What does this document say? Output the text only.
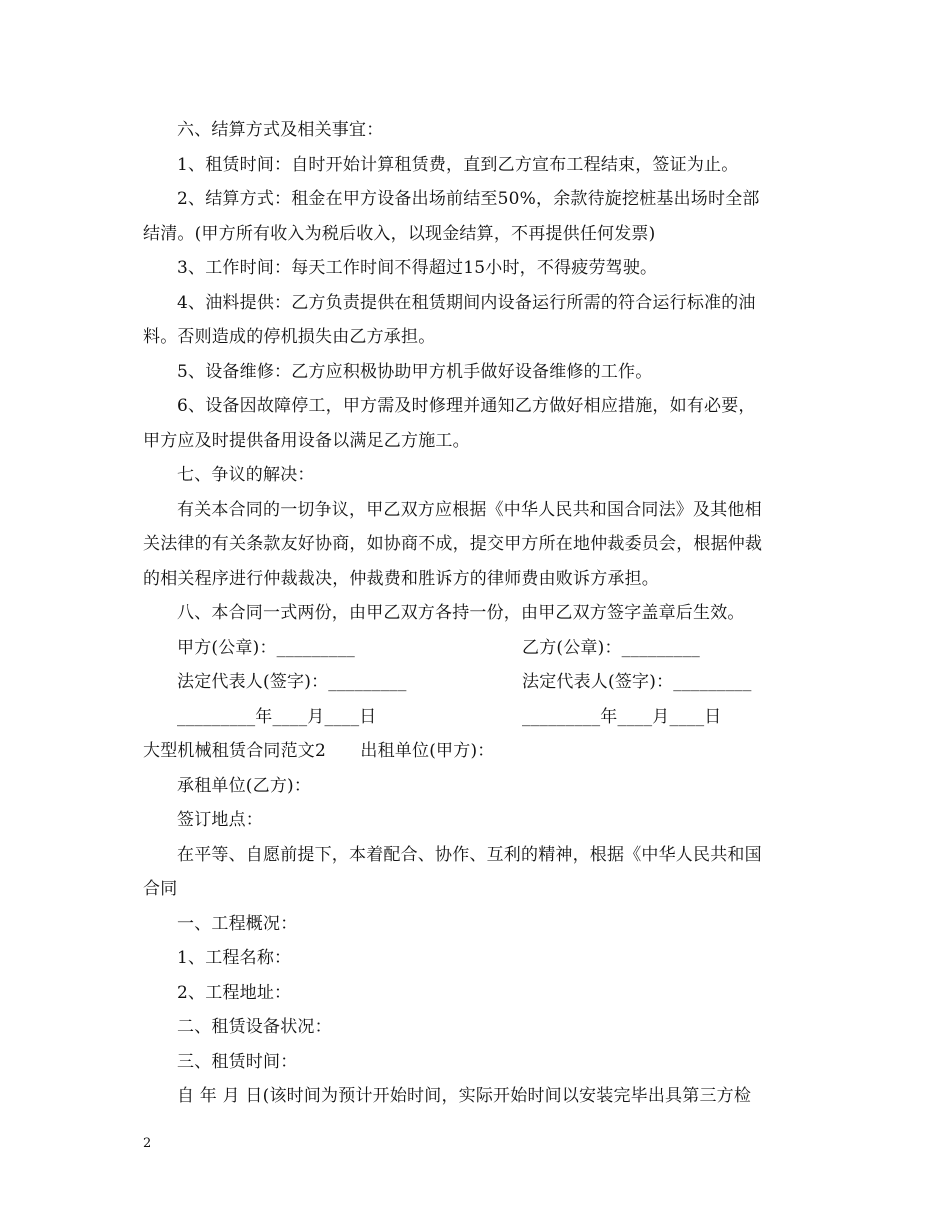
六、结算方式及相关事宜：
1、租赁时间：自时开始计算租赁费，直到乙方宣布工程结束，签证为止。
2、结算方式：租金在甲方设备出场前结至50%，余款待旋挖桩基出场时全部
结清。(甲方所有收入为税后收入，以现金结算，不再提供任何发票)
3、工作时间：每天工作时间不得超过15小时，不得疲劳驾驶。
4、油料提供：乙方负责提供在租赁期间内设备运行所需的符合运行标准的油
料。否则造成的停机损失由乙方承担。
5、设备维修：乙方应积极协助甲方机手做好设备维修的工作。
6、设备因故障停工，甲方需及时修理并通知乙方做好相应措施，如有必要，
甲方应及时提供备用设备以满足乙方施工。
七、争议的解决：
有关本合同的一切争议，甲乙双方应根据《中华人民共和国合同法》及其他相
关法律的有关条款友好协商，如协商不成，提交甲方所在地仲裁委员会，根据仲裁
的相关程序进行仲裁裁决，仲裁费和胜诉方的律师费由败诉方承担。
八、本合同一式两份，由甲乙双方各持一份，由甲乙双方签字盖章后生效。
甲方(公章)：_________	乙方(公章)：_________
法定代表人(签字)：_________	法定代表人(签字)：_________
_________年____月____日	_________年____月____日
大型机械租赁合同范文2　　出租单位(甲方)：
承租单位(乙方)：
签订地点：
在平等、自愿前提下，本着配合、协作、互利的精神，根据《中华人民共和国
合同
一、工程概况：
1、工程名称：
2、工程地址：
二、租赁设备状况：
三、租赁时间：
自 年 月 日(该时间为预计开始时间，实际开始时间以安装完毕出具第三方检
2
